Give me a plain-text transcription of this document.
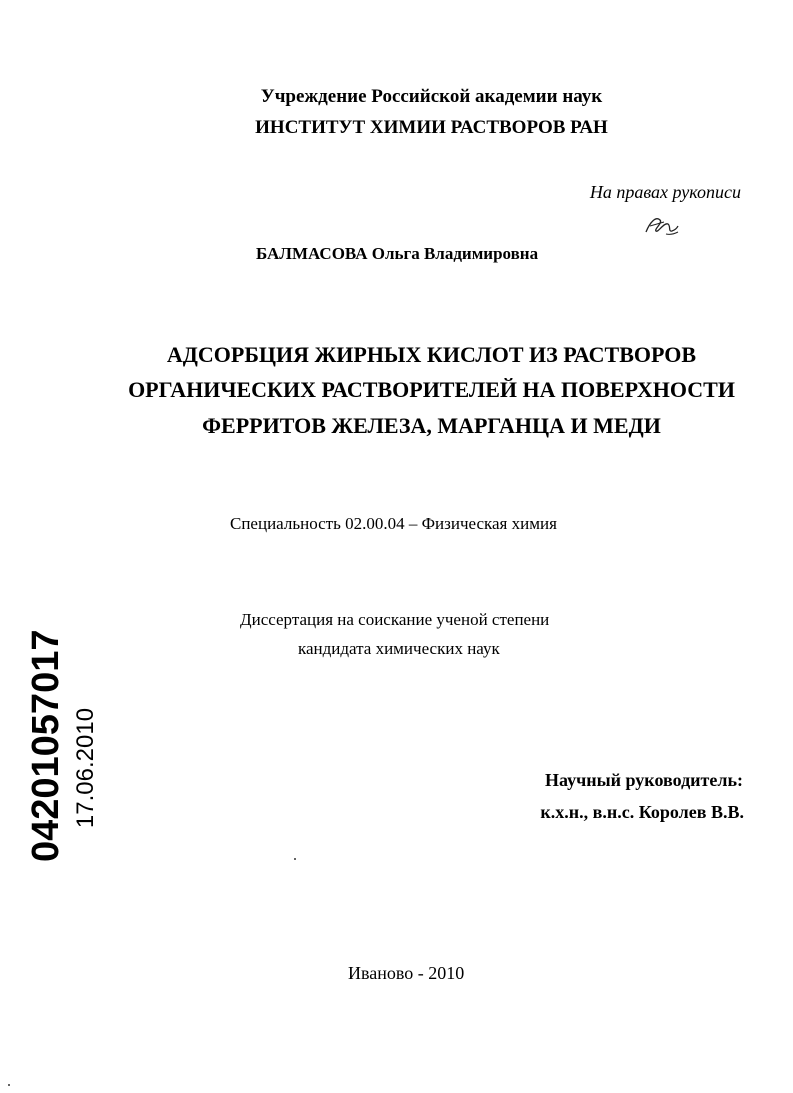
Учреждение Российской академии наук
ИНСТИТУТ ХИМИИ РАСТВОРОВ РАН
На правах рукописи
БАЛМАСОВА Ольга Владимировна
АДСОРБЦИЯ ЖИРНЫХ КИСЛОТ ИЗ РАСТВОРОВ
ОРГАНИЧЕСКИХ РАСТВОРИТЕЛЕЙ НА ПОВЕРХНОСТИ
ФЕРРИТОВ ЖЕЛЕЗА, МАРГАНЦА И МЕДИ
Специальность 02.00.04 – Физическая химия
Диссертация на соискание ученой степени
кандидата химических наук
Научный руководитель:
к.х.н., в.н.с. Королев В.В.
Иваново - 2010
04201057017 17.06.2010
